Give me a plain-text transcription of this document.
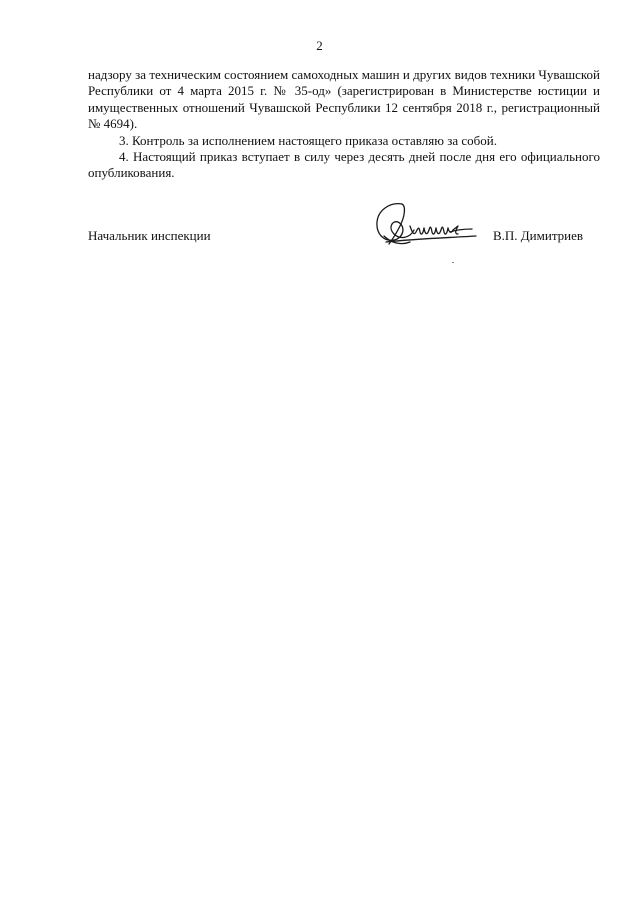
2

надзору за техническим состоянием самоходных машин и других видов техники Чувашской Республики от 4 марта 2015 г. № 35-од» (зарегистрирован в Министерстве юстиции и имущественных отношений Чувашской Республики 12 сентября 2018 г., регистрационный № 4694).

3. Контроль за исполнением настоящего приказа оставляю за собой.

4. Настоящий приказ вступает в силу через десять дней после дня его официального опубликования.

Начальник инспекции	В.П. Димитриев
